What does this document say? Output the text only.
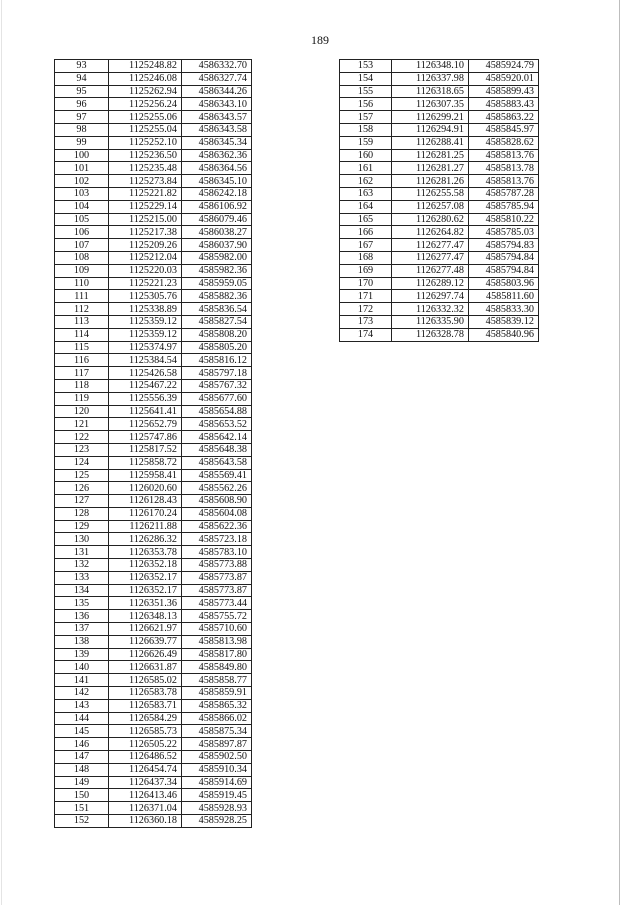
189
93	1125248.82	4586332.70
94	1125246.08	4586327.74
95	1125262.94	4586344.26
96	1125256.24	4586343.10
97	1125255.06	4586343.57
98	1125255.04	4586343.58
99	1125252.10	4586345.34
100	1125236.50	4586362.36
101	1125235.48	4586364.56
102	1125273.84	4586345.10
103	1125221.82	4586242.18
104	1125229.14	4586106.92
105	1125215.00	4586079.46
106	1125217.38	4586038.27
107	1125209.26	4586037.90
108	1125212.04	4585982.00
109	1125220.03	4585982.36
110	1125221.23	4585959.05
111	1125305.76	4585882.36
112	1125338.89	4585836.54
113	1125359.12	4585827.54
114	1125359.12	4585808.20
115	1125374.97	4585805.20
116	1125384.54	4585816.12
117	1125426.58	4585797.18
118	1125467.22	4585767.32
119	1125556.39	4585677.60
120	1125641.41	4585654.88
121	1125652.79	4585653.52
122	1125747.86	4585642.14
123	1125817.52	4585648.38
124	1125858.72	4585643.58
125	1125958.41	4585569.41
126	1126020.60	4585562.26
127	1126128.43	4585608.90
128	1126170.24	4585604.08
129	1126211.88	4585622.36
130	1126286.32	4585723.18
131	1126353.78	4585783.10
132	1126352.18	4585773.88
133	1126352.17	4585773.87
134	1126352.17	4585773.87
135	1126351.36	4585773.44
136	1126348.13	4585755.72
137	1126621.97	4585710.60
138	1126639.77	4585813.98
139	1126626.49	4585817.80
140	1126631.87	4585849.80
141	1126585.02	4585858.77
142	1126583.78	4585859.91
143	1126583.71	4585865.32
144	1126584.29	4585866.02
145	1126585.73	4585875.34
146	1126505.22	4585897.87
147	1126486.52	4585902.50
148	1126454.74	4585910.34
149	1126437.34	4585914.69
150	1126413.46	4585919.45
151	1126371.04	4585928.93
152	1126360.18	4585928.25
153	1126348.10	4585924.79
154	1126337.98	4585920.01
155	1126318.65	4585899.43
156	1126307.35	4585883.43
157	1126299.21	4585863.22
158	1126294.91	4585845.97
159	1126288.41	4585828.62
160	1126281.25	4585813.76
161	1126281.27	4585813.78
162	1126281.26	4585813.76
163	1126255.58	4585787.28
164	1126257.08	4585785.94
165	1126280.62	4585810.22
166	1126264.82	4585785.03
167	1126277.47	4585794.83
168	1126277.47	4585794.84
169	1126277.48	4585794.84
170	1126289.12	4585803.96
171	1126297.74	4585811.60
172	1126332.32	4585833.30
173	1126335.90	4585839.12
174	1126328.78	4585840.96
